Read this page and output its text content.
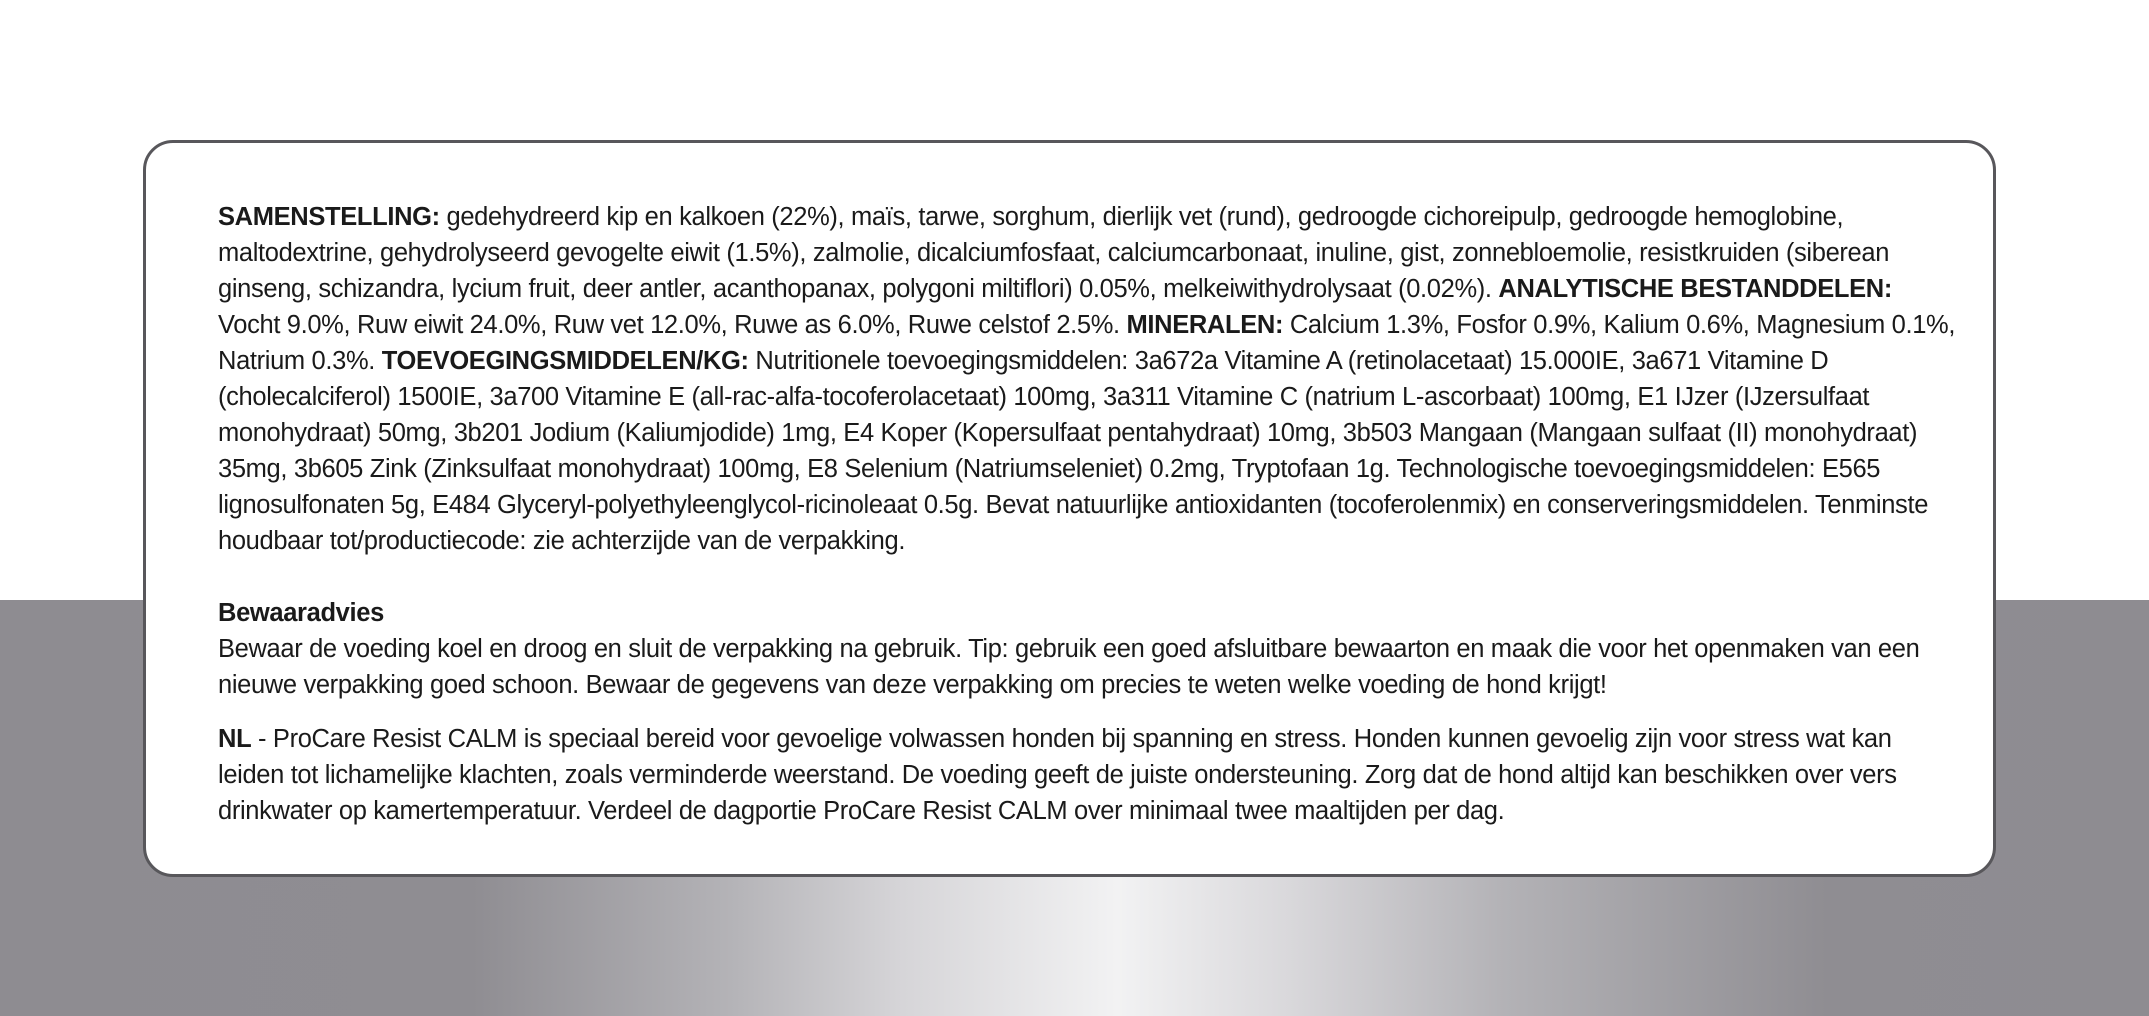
SAMENSTELLING: gedehydreerd kip en kalkoen (22%), maïs, tarwe, sorghum, dierlijk vet (rund), gedroogde cichoreipulp, gedroogde hemoglobine, maltodextrine, gehydrolyseerd gevogelte eiwit (1.5%), zalmolie, dicalciumfosfaat, calciumcarbonaat, inuline, gist, zonnebloemolie, resistkruiden (siberean ginseng, schizandra, lycium fruit, deer antler, acanthopanax, polygoni miltiflori) 0.05%, melkeiwithydrolysaat (0.02%). ANALYTISCHE BESTANDDELEN: Vocht 9.0%, Ruw eiwit 24.0%, Ruw vet 12.0%, Ruwe as 6.0%, Ruwe celstof 2.5%. MINERALEN: Calcium 1.3%, Fosfor 0.9%, Kalium 0.6%, Magnesium 0.1%, Natrium 0.3%. TOEVOEGINGSMIDDELEN/KG: Nutritionele toevoegingsmiddelen: 3a672a Vitamine A (retinolacetaat) 15.000IE, 3a671 Vitamine D (cholecalciferol) 1500IE, 3a700 Vitamine E (all-rac-alfa-tocoferolacetaat) 100mg, 3a311 Vitamine C (natrium L-ascorbaat) 100mg, E1 IJzer (IJzersulfaat monohydraat) 50mg, 3b201 Jodium (Kaliumjodide) 1mg, E4 Koper (Kopersulfaat pentahydraat) 10mg, 3b503 Mangaan (Mangaan sulfaat (II) monohydraat) 35mg, 3b605 Zink (Zinksulfaat monohydraat) 100mg, E8 Selenium (Natriumseleniet) 0.2mg, Tryptofaan 1g. Technologische toevoegingsmiddelen: E565 lignosulfonaten 5g, E484 Glyceryl-polyethyleenglycol-ricinoleaat 0.5g. Bevat natuurlijke antioxidanten (tocoferolenmix) en conserveringsmiddelen. Tenminste houdbaar tot/productiecode: zie achterzijde van de verpakking.

Bewaaradvies

Bewaar de voeding koel en droog en sluit de verpakking na gebruik. Tip: gebruik een goed afsluitbare bewaarton en maak die voor het openmaken van een nieuwe verpakking goed schoon. Bewaar de gegevens van deze verpakking om precies te weten welke voeding de hond krijgt!

NL - ProCare Resist CALM is speciaal bereid voor gevoelige volwassen honden bij spanning en stress. Honden kunnen gevoelig zijn voor stress wat kan leiden tot lichamelijke klachten, zoals verminderde weerstand. De voeding geeft de juiste ondersteuning. Zorg dat de hond altijd kan beschikken over vers drinkwater op kamertemperatuur. Verdeel de dagportie ProCare Resist CALM over minimaal twee maaltijden per dag.
